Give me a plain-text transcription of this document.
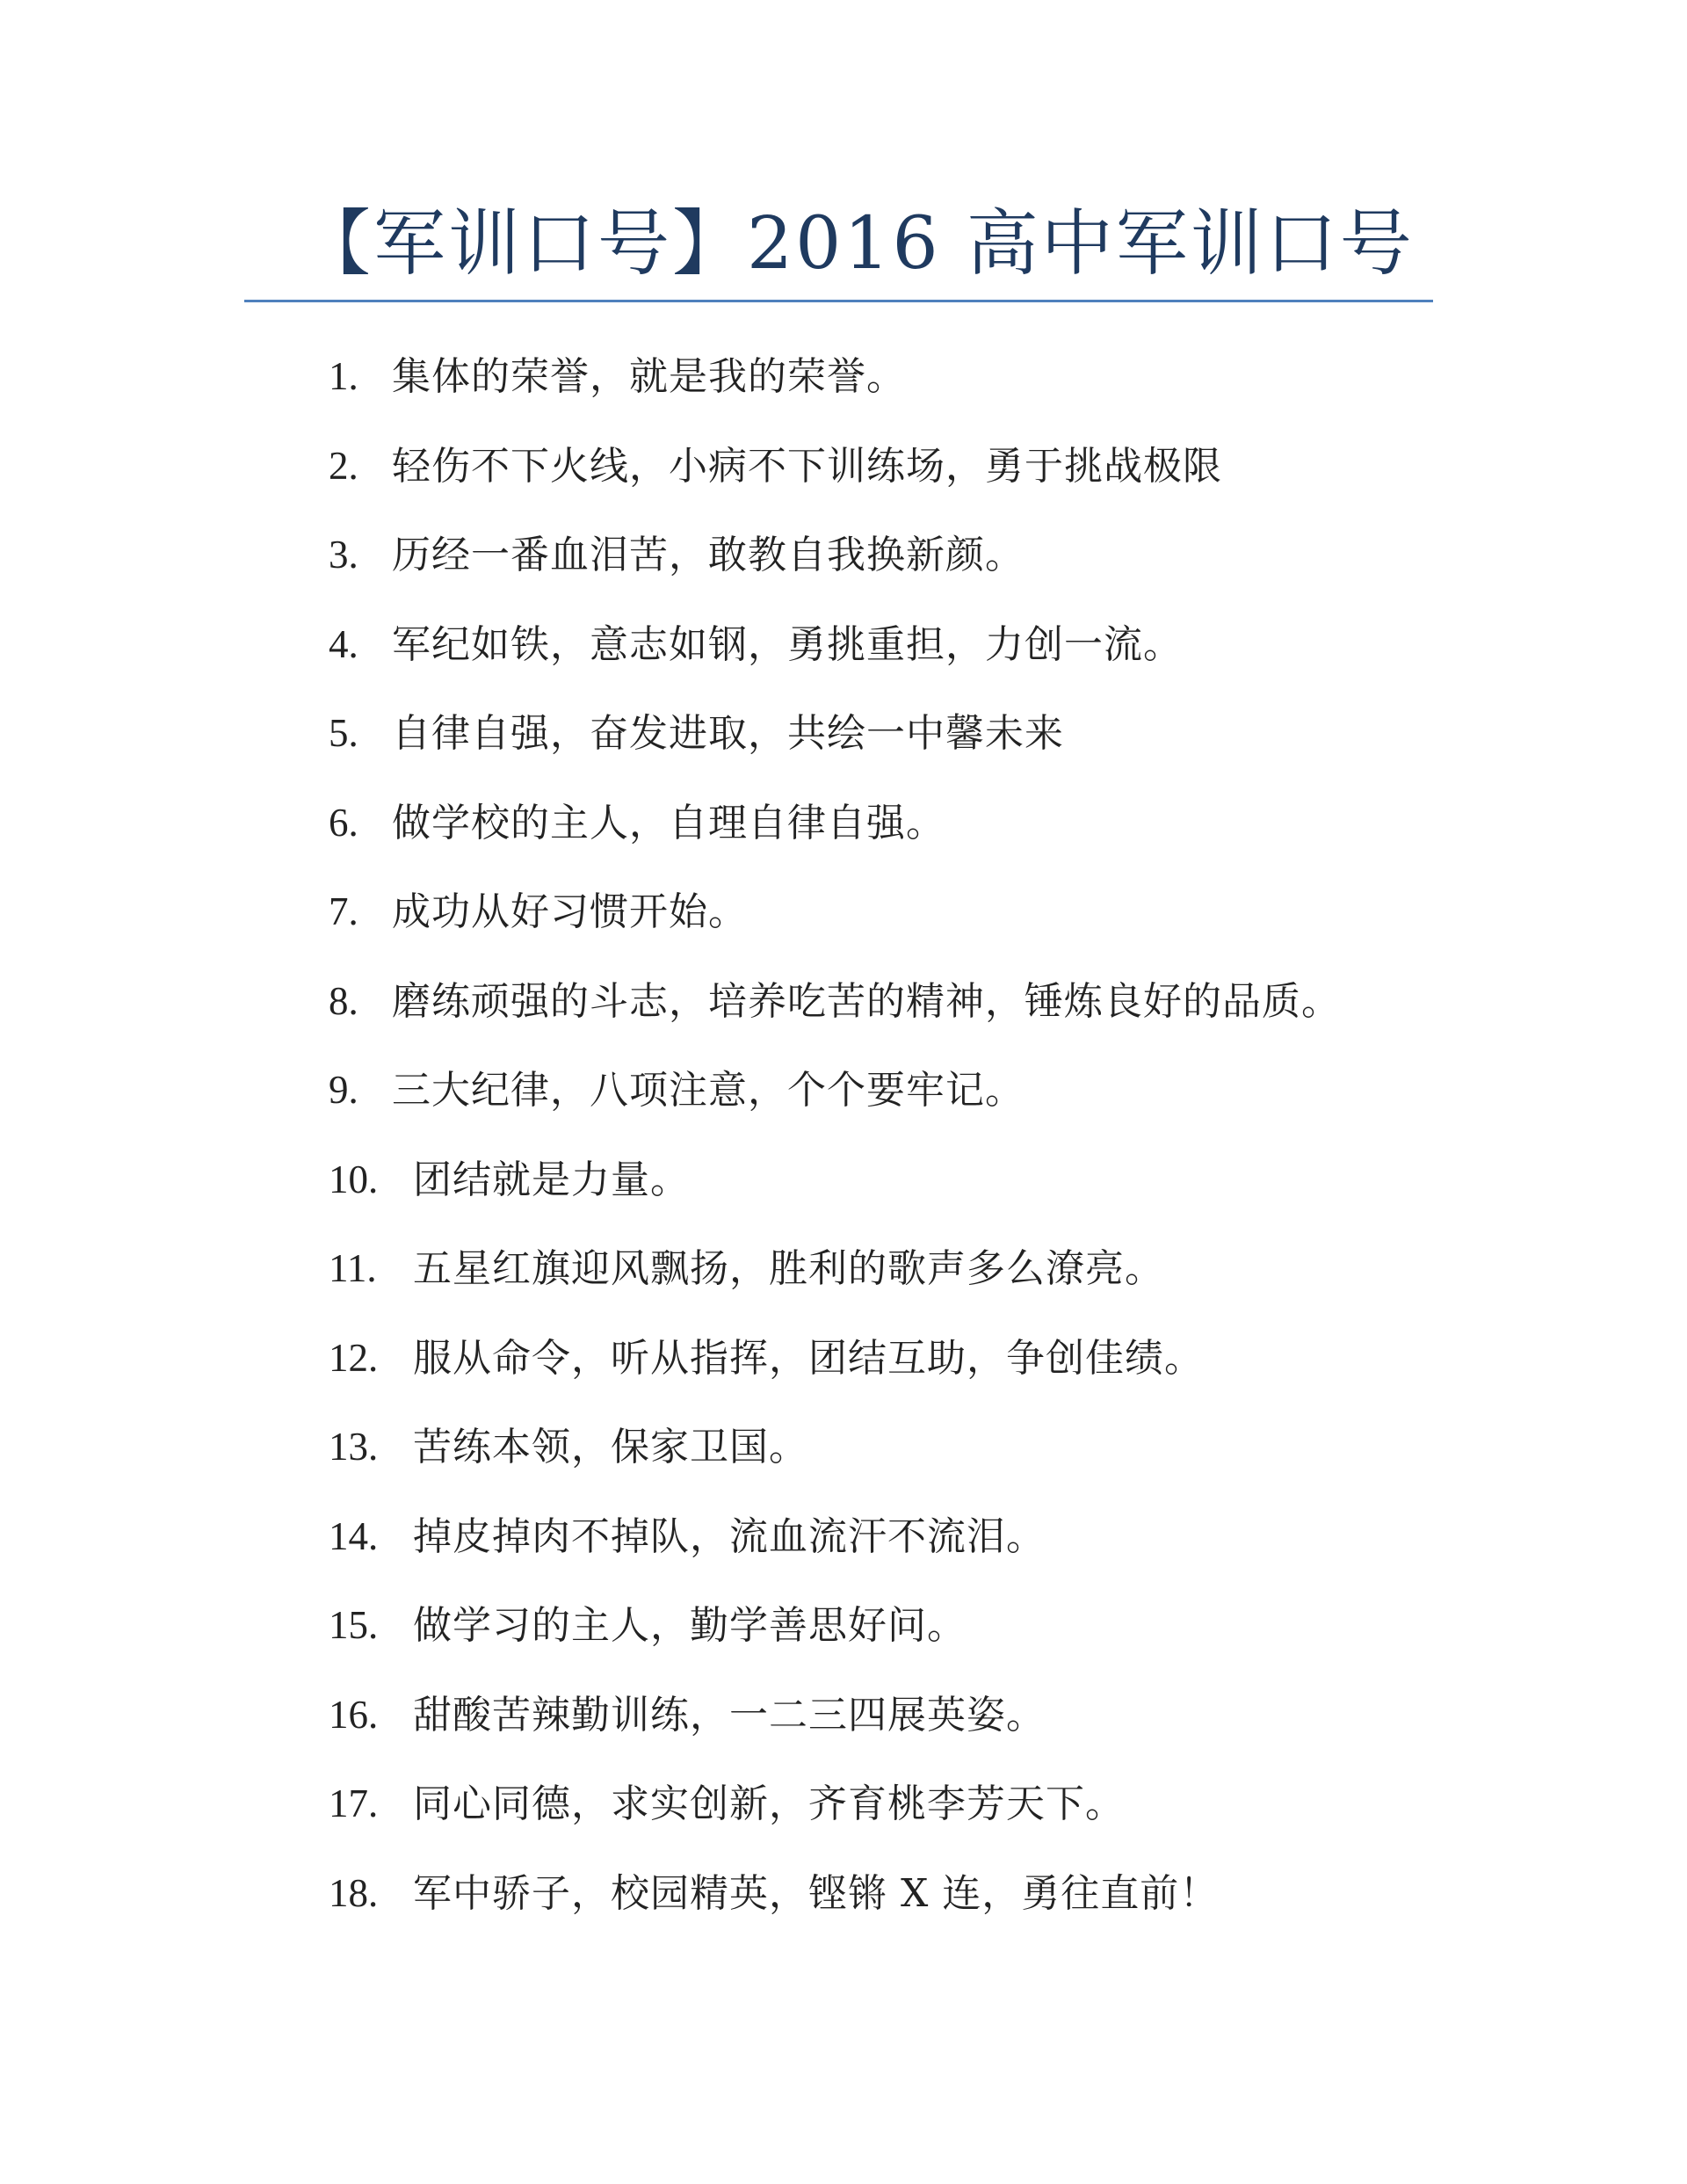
【军训口号】2016 高中军训口号
1. 集体的荣誉，就是我的荣誉。
2. 轻伤不下火线，小病不下训练场，勇于挑战极限
3. 历经一番血泪苦，敢教自我换新颜。
4. 军纪如铁，意志如钢，勇挑重担，力创一流。
5. 自律自强，奋发进取，共绘一中馨未来
6. 做学校的主人，自理自律自强。
7. 成功从好习惯开始。
8. 磨练顽强的斗志，培养吃苦的精神，锤炼良好的品质。
9. 三大纪律，八项注意，个个要牢记。
10. 团结就是力量。
11. 五星红旗迎风飘扬，胜利的歌声多么潦亮。
12. 服从命令，听从指挥，团结互助，争创佳绩。
13. 苦练本领，保家卫国。
14. 掉皮掉肉不掉队，流血流汗不流泪。
15. 做学习的主人，勤学善思好问。
16. 甜酸苦辣勤训练，一二三四展英姿。
17. 同心同德，求实创新，齐育桃李芳天下。
18. 军中骄子，校园精英，铿锵 X 连，勇往直前！
